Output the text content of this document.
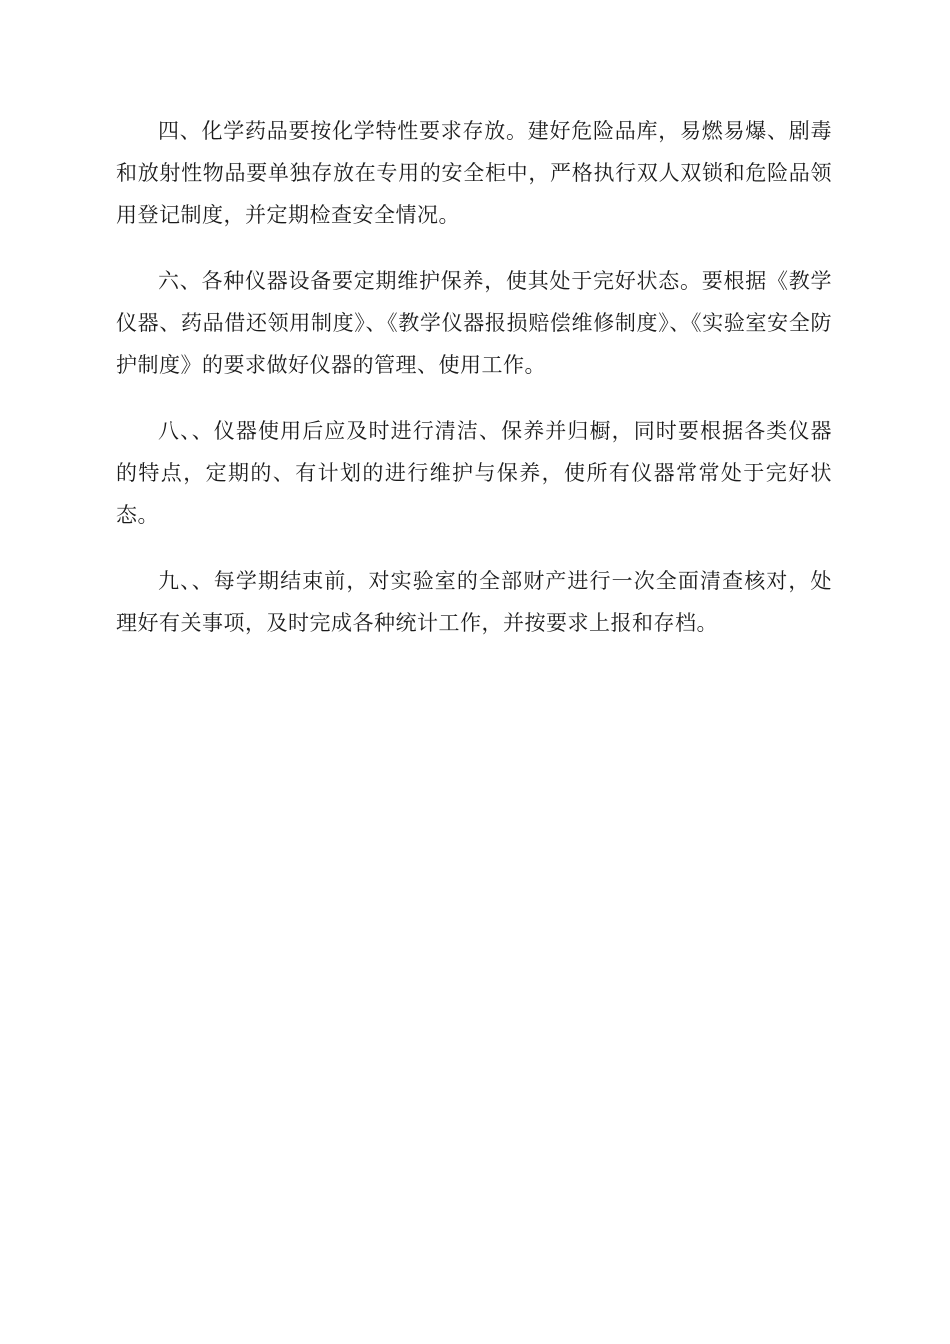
四、化学药品要按化学特性要求存放。建好危险品库，易燃易爆、剧毒和放射性物品要单独存放在专用的安全柜中，严格执行双人双锁和危险品领用登记制度，并定期检查安全情况。

六、各种仪器设备要定期维护保养，使其处于完好状态。要根据《教学仪器、药品借还领用制度》、《教学仪器报损赔偿维修制度》、《实验室安全防护制度》的要求做好仪器的管理、使用工作。

八、、仪器使用后应及时进行清洁、保养并归橱，同时要根据各类仪器的特点，定期的、有计划的进行维护与保养，使所有仪器常常处于完好状态。

九、、每学期结束前，对实验室的全部财产进行一次全面清查核对，处理好有关事项，及时完成各种统计工作，并按要求上报和存档。
